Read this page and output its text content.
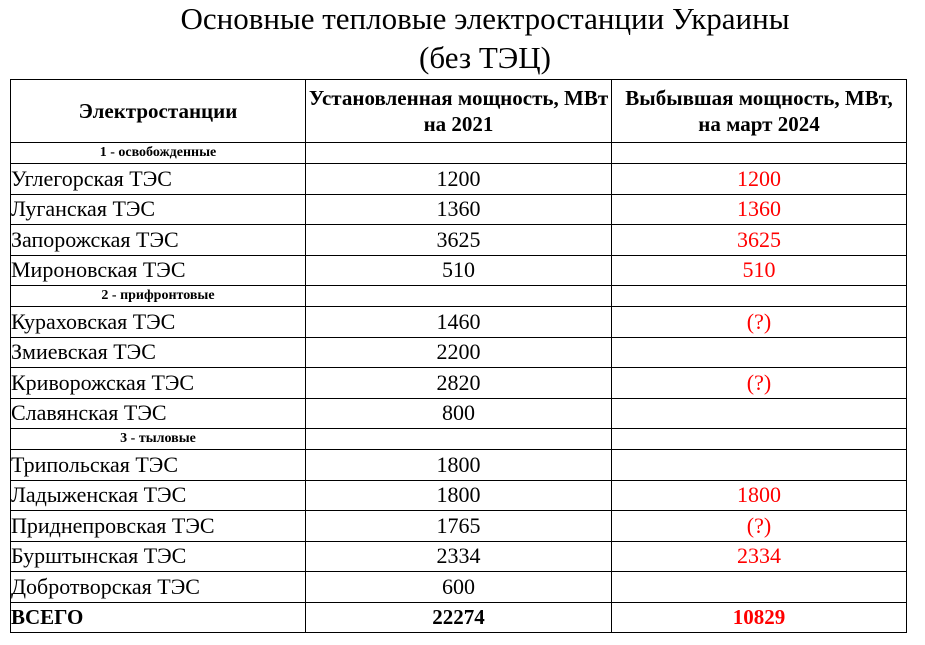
Основные тепловые электростанции Украины
(без ТЭЦ)
Электростанции	Установленная мощность, МВт на 2021	Выбывшая мощность, МВт, на март 2024
1 - освобожденные		
Углегорская ТЭС	1200	1200
Луганская ТЭС	1360	1360
Запорожская ТЭС	3625	3625
Мироновская ТЭС	510	510
2 - прифронтовые		
Кураховская ТЭС	1460	(?)
Змиевская ТЭС	2200	
Криворожская ТЭС	2820	(?)
Славянская ТЭС	800	
3 - тыловые		
Трипольская ТЭС	1800	
Ладыженская ТЭС	1800	1800
Приднепровская ТЭС	1765	(?)
Бурштынская ТЭС	2334	2334
Добротворская ТЭС	600	
ВСЕГО	22274	10829
